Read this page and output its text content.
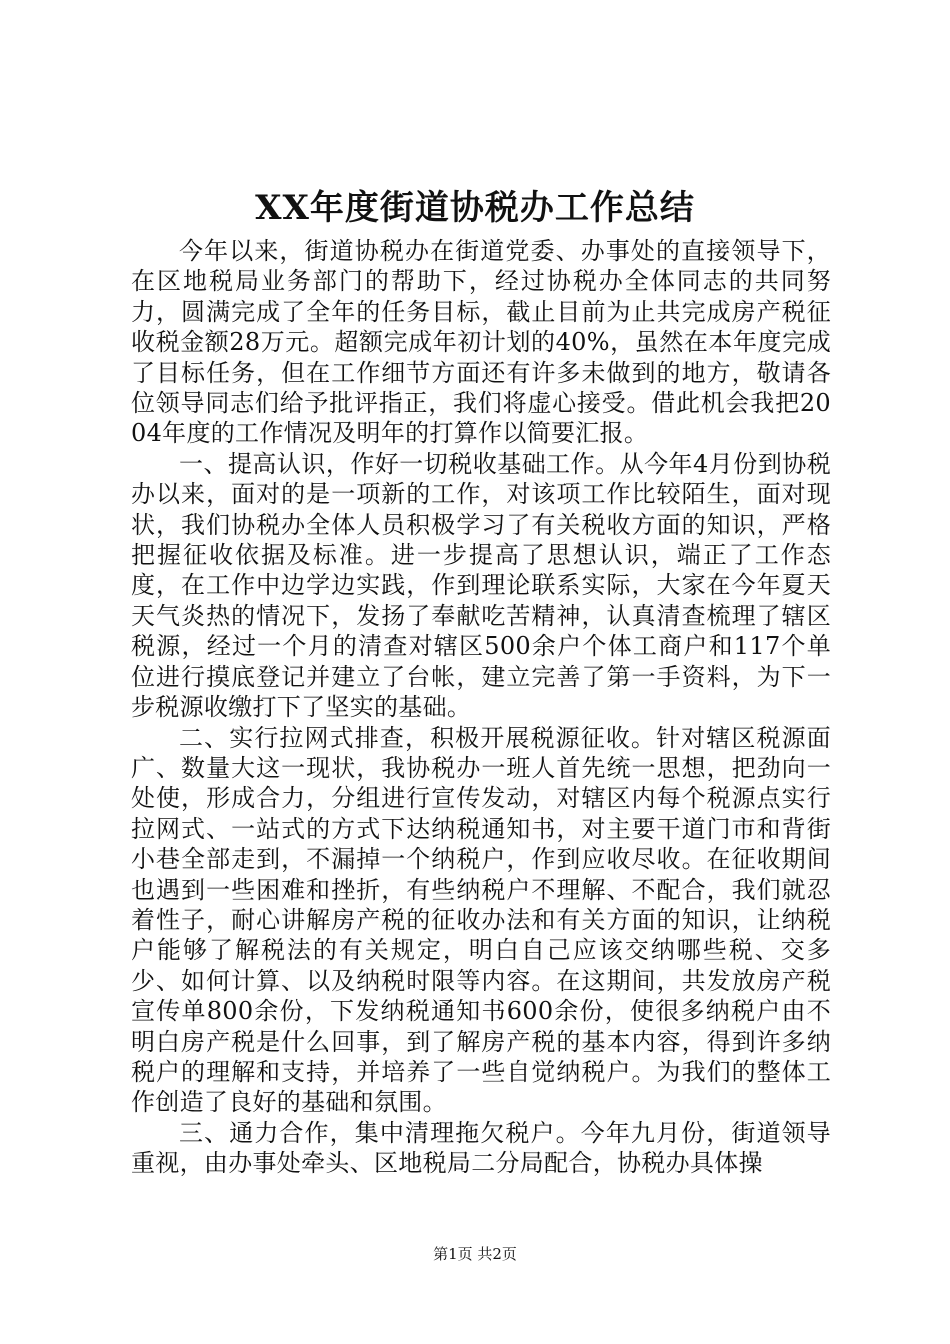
XX年度街道协税办工作总结

今年以来，街道协税办在街道党委、办事处的直接领导下，在区地税局业务部门的帮助下，经过协税办全体同志的共同努力，圆满完成了全年的任务目标，截止目前为止共完成房产税征收税金额28万元。超额完成年初计划的40%，虽然在本年度完成了目标任务，但在工作细节方面还有许多未做到的地方，敬请各位领导同志们给予批评指正，我们将虚心接受。借此机会我把2004年度的工作情况及明年的打算作以简要汇报。

一、提高认识，作好一切税收基础工作。从今年4月份到协税办以来，面对的是一项新的工作，对该项工作比较陌生，面对现状，我们协税办全体人员积极学习了有关税收方面的知识，严格把握征收依据及标准。进一步提高了思想认识，端正了工作态度，在工作中边学边实践，作到理论联系实际，大家在今年夏天天气炎热的情况下，发扬了奉献吃苦精神，认真清查梳理了辖区税源，经过一个月的清查对辖区500余户个体工商户和117个单位进行摸底登记并建立了台帐，建立完善了第一手资料，为下一步税源收缴打下了坚实的基础。

二、实行拉网式排查，积极开展税源征收。针对辖区税源面广、数量大这一现状，我协税办一班人首先统一思想，把劲向一处使，形成合力，分组进行宣传发动，对辖区内每个税源点实行拉网式、一站式的方式下达纳税通知书，对主要干道门市和背街小巷全部走到，不漏掉一个纳税户，作到应收尽收。在征收期间也遇到一些困难和挫折，有些纳税户不理解、不配合，我们就忍着性子，耐心讲解房产税的征收办法和有关方面的知识，让纳税户能够了解税法的有关规定，明白自己应该交纳哪些税、交多少、如何计算、以及纳税时限等内容。在这期间，共发放房产税宣传单800余份，下发纳税通知书600余份，使很多纳税户由不明白房产税是什么回事，到了解房产税的基本内容，得到许多纳税户的理解和支持，并培养了一些自觉纳税户。为我们的整体工作创造了良好的基础和氛围。

三、通力合作，集中清理拖欠税户。今年九月份，街道领导重视，由办事处牵头、区地税局二分局配合，协税办具体操

第1页 共2页
